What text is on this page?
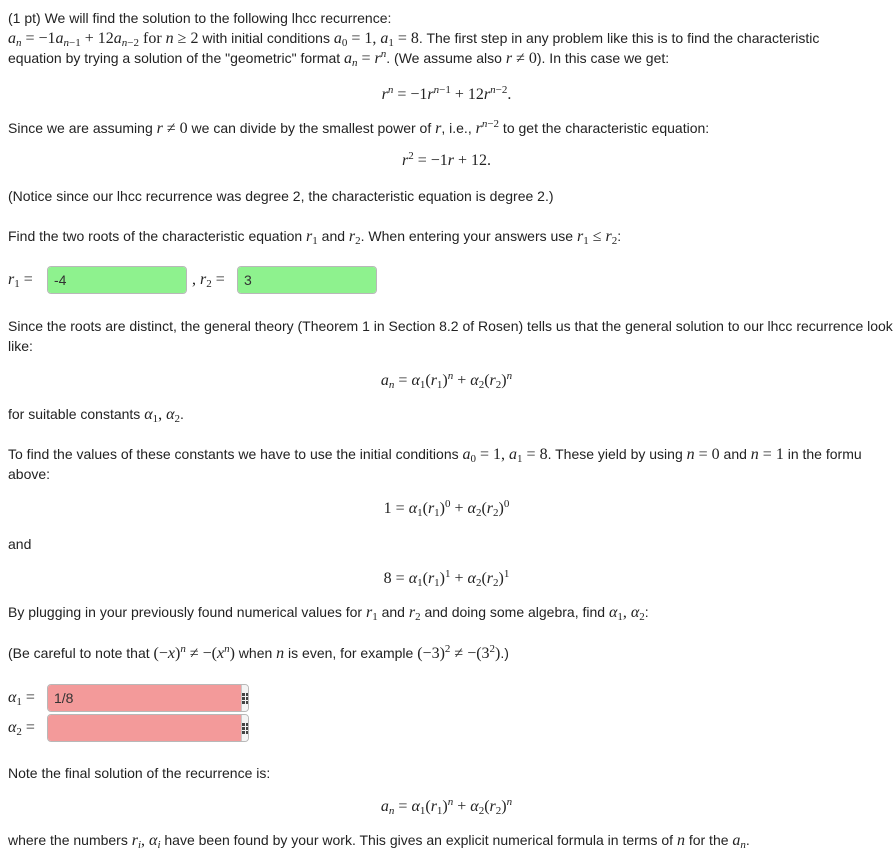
(1 pt) We will find the solution to the following lhcc recurrence:
$a_n = -1a_{n-1} + 12a_{n-2}$ for n ≥ 2 with initial conditions $a_0 = 1$, $a_1 = 8$. The first step in any problem like this is to find the characteristic
equation by trying a solution of the "geometric" format $a_n = r^n$. (We assume also r ≠ 0). In this case we get:
$r^n = -1r^{n-1} + 12r^{n-2}$.
Since we are assuming r ≠ 0 we can divide by the smallest power of r, i.e., $r^{n-2}$ to get the characteristic equation:
$r^2 = -1r + 12$.
(Notice since our lhcc recurrence was degree 2, the characteristic equation is degree 2.)
Find the two roots of the characteristic equation $r_1$ and $r_2$. When entering your answers use $r_1 \le r_2$:
$r_1$ =
-4	, $r_2$ =
3
Since the roots are distinct, the general theory (Theorem 1 in Section 8.2 of Rosen) tells us that the general solution to our lhcc recurrence look
like:
$a_n = \alpha_1(r_1)^n + \alpha_2(r_2)^n$
for suitable constants $\alpha_1$, $\alpha_2$.
To find the values of these constants we have to use the initial conditions $a_0 = 1$, $a_1 = 8$. These yield by using n = 0 and n = 1 in the formu
above:
$1 = \alpha_1(r_1)^0 + \alpha_2(r_2)^0$
and
$8 = \alpha_1(r_1)^1 + \alpha_2(r_2)^1$
By plugging in your previously found numerical values for $r_1$ and $r_2$ and doing some algebra, find $\alpha_1$, $\alpha_2$:
(Be careful to note that $(-x)^n \ne -(x^n)$ when n is even, for example $(-3)^2 \ne -(3^2)$.)
$\alpha_1$ =
1/8
$\alpha_2$ =
Note the final solution of the recurrence is:
$a_n = \alpha_1(r_1)^n + \alpha_2(r_2)^n$
where the numbers $r_i$, $\alpha_i$ have been found by your work. This gives an explicit numerical formula in terms of n for the $a_n$.
